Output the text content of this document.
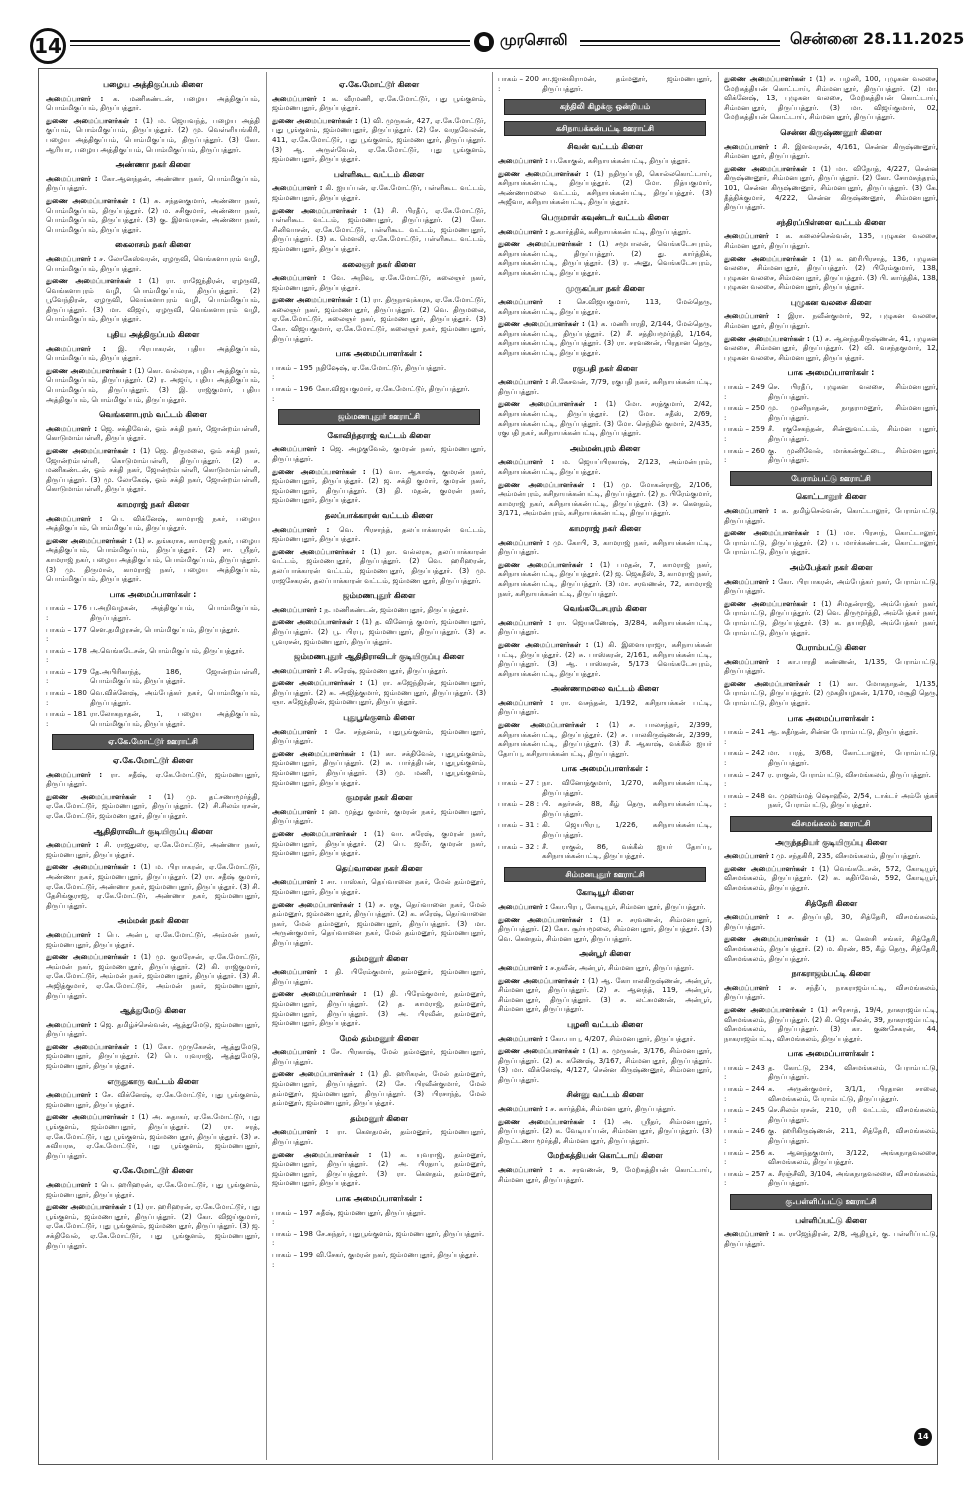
14	முரசொலி	சென்னை 28.11.2025
பழைய அத்திகுப்பம் கிளை
அமைப்பாளர் : க. மணிகண்டன், பழைய அத்திகுப்பம், பொம்மிகுப்பம், திருப்பத்தூர்.
துணை அமைப்பாளர்கள் : (1) ம. ஜெயவந்த், பழைய அத்தி குப்பம், பொம்மிகுப்பம், திருப்பத்தூர். (2) மு. வெள்ளியங்கிரி, பழைய அத்திகுப்பம், பொம்மிகுப்பம், திருப்பத்தூர். (3) கோ. ஆரியா, பழைய அத்திகுப்பம், பொம்மிகுப்பம், திருப்பத்தூர்.
அண்ணா நகர் கிளை
அமைப்பாளர் : கோ.ஆனந்தன், அண்ணா நகர், பொம்மிகுப்பம், திருப்பத்தூர்.
துணை அமைப்பாளர்கள் : (1) சு. சந்தனகுமார், அண்ணா நகர், பொம்மிகுப்பம், திருப்பத்தூர். (2) ம. சசிகுமார், அண்ணா நகர், பொம்மிகுப்பம், திருப்பத்தூர். (3) கு. இளவரசன், அண்ணா நகர், பொம்மிகுப்பம், திருப்பத்தூர்.
கைலாசம் நகர் கிளை
அமைப்பாளர் : ச. லோகேஸ்வரன், ஏழருவி, வெங்களாபுரம் வழி, பொம்மிகுப்பம், திருப்பத்தூர்.
துணை அமைப்பாளர்கள் : (1) ரா. ராஜேந்திரன், ஏழருவி, வெங்களாபுரம் வழி, பொம்மிகுப்பம், திருப்பத்தூர். (2) பூவேந்திரன், ஏழருவி, வெங்களாபுரம் வழி, பொம்மிகுப்பம், திருப்பத்தூர். (3) மா. விஜய், ஏழருவி, வெங்களாபுரம் வழி, பொம்மிகுப்பம், திருப்பத்தூர்.
புதிய அத்திகுப்பம் கிளை
அமைப்பாளர் : இ. பிரபாகரன், புதிய அத்திகுப்பம், பொம்மிகுப்பம், திருப்பத்தூர்.
துணை அமைப்பாளர்கள் : (1) கொ. வல்லரசு, புதிய அத்திகுப்பம், பொம்மிகுப்பம், திருப்பத்தூர். (2) ர. அஜய், புதிய அத்திகுப்பம், பொம்மிகுப்பம், திருப்பத்தூர். (3) இ. ராஜ்குமார், புதிய அத்திகுப்பம், பொம்மிகுப்பம், திருப்பத்தூர்.
வெங்களாபுரம் வட்டம் கிளை
அமைப்பாளர் : ஜெ. சக்திவேல், ஓம் சக்தி நகர், ஜோன்றம்பள்ளி, கொடுமாம்பள்ளி, திருப்பத்தூர்.
துணை அமைப்பாளர்கள் : (1) ஜெ. திருமலை, ஓம் சக்தி நகர், ஜோன்றம்பள்ளி, கொடுமாம்பள்ளி, திருப்பத்தூர். (2) ச. மணிகண்டன், ஓம் சக்தி நகர், ஜோன்றம்பள்ளி, கொடுமாம்பள்ளி, திருப்பத்தூர். (3) மு. லோகேஷ், ஓம் சக்தி நகர், ஜோன்றம்பள்ளி, கொடுமாம்பள்ளி, திருப்பத்தூர்.
காமராஜ் நகர் கிளை
அமைப்பாளர் : பெ. விக்னேஷ், காமராஜ் நகர், பழைய அத்திகுப்பம், பொம்மிகுப்பம், திருப்பத்தூர்.
துணை அமைப்பாளர்கள் : (1) ச. தங்கராசு, காமராஜ் நகர், பழைய அத்திகுப்பம், பொம்மிகுப்பம், திருப்பத்தூர். (2) சா. ஸ்ரீதர், காமராஜ் நகர், பழைய அத்திகுப்பம், பொம்மிகுப்பம், திருப்பத்தூர். (3) மு. திருமால், காமராஜ் நகர், பழைய அத்திகுப்பம், பொம்மிகுப்பம், திருப்பத்தூர்.
பாக அமைப்பாளர்கள் :
பாகம் – 176 :
ப.அறிவழகன், அத்திகுப்பம், பொம்மிகுப்பம், திருப்பத்தூர்.
பாகம் – 177 :
செள.தமிழரசன், பொம்மிகுப்பம், திருப்பத்தூர்.
பாகம் – 178 :
அ.வெங்கடேசன், பொம்மிகுப்பம், திருப்பத்தூர்.
பாகம் – 179 :
தே.அபிரிகாந்த், 186, ஜோன்றம்பள்ளி, பொம்மிகுப்பம், திருப்பத்தூர்.
பாகம் – 180 :
வெ.விக்னேஷ், அம்பேத்கர் நகர், பொம்மிகுப்பம், திருப்பத்தூர்.
பாகம் – 181 :
ரா.லோகநாதன், 1, பழைய அத்திகுப்பம், பொம்மிகுப்பம், திருப்பத்தூர்.
ஏ.கே.மோட்டூர் ஊராட்சி
ஏ.கே.மோட்டூர் கிளை
அமைப்பாளர் : ரா. சதீஷ், ஏ.கே.மோட்டூர், ஜம்மணபுதூர், திருப்பத்தூர்.
துணை அமைப்பாளர்கள் : (1) மு. தட்சணாமூர்த்தி, ஏ.கே.மோட்டூர், ஜம்மணபுதூர், திருப்பத்தூர். (2) சி.சிலம்பரசன், ஏ.கே.மோட்டூர், ஜம்மணபுதூர், திருப்பத்தூர்.
ஆதிதிராவிடர் குடியிருப்பு கிளை
அமைப்பாளர் : சி. ராஜதுரை, ஏ.கே.மோட்டூர், அண்ணா நகர், ஜம்மணபுதூர், திருப்பத்தூர்.
துணை அமைப்பாளர்கள் : (1) ம. பிரபாகரன், ஏ.கே.மோட்டூர், அண்ணா நகர், ஜம்மணபுதூர், திருப்பத்தூர். (2) ரா. சதீஷ் குமார், ஏ.கே.மோட்டூர், அண்ணா நகர், ஜம்மணபுதூர், திருப்பத்தூர். (3) சி. தேசிங்குராஜ, ஏ.கே.மோட்டூர், அண்ணா நகர், ஜம்மணபுதூர், திருப்பத்தூர்.
அம்மன் நகர் கிளை
அமைப்பாளர் : பெ. அன்பு, ஏ.கே.மோட்டூர், அம்மன் நகர், ஜம்மணபுதூர், திருப்பத்தூர்.
துணை அமைப்பாளர்கள் : (1) மு. குமரேசன், ஏ.கே.மோட்டூர், அம்மன் நகர், ஜம்மணபுதூர், திருப்பத்தூர். (2) கி. ராஜ்குமார், ஏ.கே.மோட்டூர், அம்மன் நகர், ஜம்மணபுதூர், திருப்பத்தூர். (3) சி. அஜித்குமார், ஏ.கே.மோட்டூர், அம்மன் நகர், ஜம்மணபுதூர், திருப்பத்தூர்.
ஆத்துமேடு கிளை
அமைப்பாளர் : ஜெ. தமிழ்ச்செல்வன், ஆத்துமேடு, ஜம்மணபுதூர், திருப்பத்தூர்.
துணை அமைப்பாளர்கள் : (1) கோ. முருகேசன், ஆத்துமேடு, ஜம்மணபுதூர், திருப்பத்தூர். (2) பெ. யுவராஜ், ஆத்துமேடு, ஜம்மணபுதூர், திருப்பத்தூர்.
எருதுகாரு வட்டம் கிளை
அமைப்பாளர் : சே. விக்னேஷ், ஏ.கே.மோட்டூர், புது பூங்குளம், ஜம்மணபுதூர், திருப்பத்தூர்.
துணை அமைப்பாளர்கள் : (1) அ. சுதாகர், ஏ.கே.மோட்டூர், புது பூங்குளம், ஜம்மணபுதூர், திருப்பத்தூர். (2) ரா. சரத், ஏ.கே.மோட்டூர், புது பூங்குளம், ஜம்மணபுதூர், திருப்பத்தூர். (3) ச. சுவியரசு, ஏ.கே.மோட்டூர், புது பூங்குளம், ஜம்மணபுதூர், திருப்பத்தூர்.
ஏ.கே.மோட்டூர் கிளை
அமைப்பாளர் : பெ. ஹரிஹரன், ஏ.கே.மோட்டூர், புது பூங்குளம், ஜம்மணபுதூர், திருப்பத்தூர்.
துணை அமைப்பாளர்கள் : (1) ரா. ஹரிஹரன், ஏ.கே.மோட்டூர், புது பூங்குளம், ஜம்மணபுதூர், திருப்பத்தூர். (2) கோ. விஜய்குமார், ஏ.கே.மோட்டூர், புது பூங்குளம், ஜம்மணபுதூர், திருப்பத்தூர். (3) ஜ. சக்திவேல், ஏ.கே.மோட்டூர், புது பூங்குளம், ஜம்மணபுதூர், திருப்பத்தூர்.
ஏ.கே.மோட்டூர் கிளை
அமைப்பாளர் : க. வீரமணி, ஏ.கே.மோட்டூர், புது பூங்குளம், ஜம்மணபுதூர், திருப்பத்தூர்.
துணை அமைப்பாளர்கள் : (1) வி. முருகன், 427, ஏ.கே.மோட்டூர், புது பூங்குளம், ஜம்மணபுதூர், திருப்பத்தூர். (2) சே. வரதவேலன், 411, ஏ.கே.மோட்டூர், புது பூங்குளம், ஜம்மணபுதூர், திருப்பத்தூர். (3) ஆ. அருள்வேல், ஏ.கே.மோட்டூர், புது பூங்குளம், ஜம்மணபுதூர், திருப்பத்தூர்.
பள்ளிகூட வட்டம் கிளை
அமைப்பாளர் : கி. ஐயப்பன், ஏ.கே.மோட்டூர், பள்ளிகூட வட்டம், ஜம்மணபுதூர், திருப்பத்தூர்.
துணை அமைப்பாளர்கள் : (1) சி. பிரதீப், ஏ.கே.மோட்டூர், பள்ளிகூட வட்டம், ஜம்மணபுதூர், திருப்பத்தூர். (2) கோ. சினிவாசன், ஏ.கே.மோட்டூர், பள்ளிகூட வட்டம், ஜம்மணபுதூர், திருப்பத்தூர். (3) க. மௌலி, ஏ.கே.மோட்டூர், பள்ளிகூட வட்டம், ஜம்மணபுதூர், திருப்பத்தூர்.
கலைஞர் நகர் கிளை
அமைப்பாளர் : வே. அறிவு, ஏ.கே.மோட்டூர், கலைஞர் நகர், ஜம்மணபுதூர், திருப்பத்தூர்.
துணை அமைப்பாளர்கள் : (1) ரா. திருநாவுக்கரசு, ஏ.கே.மோட்டூர், கலைஞர் நகர், ஜம்மணபுதூர், திருப்பத்தூர். (2) வெ. திருமலை, ஏ.கே.மோட்டூர், கலைஞர் நகர், ஜம்மணபுதூர், திருப்பத்தூர். (3) கோ. விஜயகுமார், ஏ.கே.மோட்டூர், கலைஞர் நகர், ஜம்மணபுதூர், திருப்பத்தூர்.
பாக அமைப்பாளர்கள் :
பாகம் – 195 :
நதிஷேஷ், ஏ.கே.மோட்டூர், திருப்பத்தூர்.
பாகம் – 196 :
கோ.விஜயகுமார், ஏ.கே.மோட்டூர், திருப்பத்தூர்.
ஜம்மணபுதூர் ஊராட்சி
கோவிந்தராஜ் வட்டம் கிளை
அமைப்பாளர் : ஜெ. அழகுவேல், குமரன் நகர், ஜம்மணபுதூர், திருப்பத்தூர்.
துணை அமைப்பாளர்கள் : (1) வா. ஆகாஷ், குமரன் நகர், ஜம்மணபுதூர், திருப்பத்தூர். (2) ஜ. சக்தி குமார், குமரன் நகர், ஜம்மணபுதூர், திருப்பத்தூர். (3) தி. மதன், குமரன் நகர், ஜம்மணபுதூர், திருப்பத்தூர்.
தலப்பாக்காரன் வட்டம் கிளை
அமைப்பாளர் : வெ. பிரசாந்த், தலப்பாக்காரன் வட்டம், ஜம்மணபுதூர், திருப்பத்தூர்.
துணை அமைப்பாளர்கள் : (1) தா. வல்லரசு, தலப்பாக்காரன் வட்டம், ஜம்மணபுதூர், திருப்பத்தூர். (2) வெ. ஹரிஹரன், தலப்பாக்காரன் வட்டம், ஜம்மணபுதூர், திருப்பத்தூர். (3) மு. ராஜசேகரன், தலப்பாக்காரன் வட்டம், ஜம்மணபுதூர், திருப்பத்தூர்.
ஜம்மணபுதூர் கிளை
அமைப்பாளர் : ந. மணிகண்டன், ஜம்மணபுதூர், திருப்பத்தூர்.
துணை அமைப்பாளர்கள் : (1) த. வினோத் குமார், ஜம்மணபுதூர், திருப்பத்தூர். (2) பூ. பிரபு, ஜம்மணபுதூர், திருப்பத்தூர். (3) ச. பூவரசன், ஜம்மணபுதூர், திருப்பத்தூர்.
ஜம்மணபுதூர் ஆதிதிராவிடர் குடியிருப்பு கிளை
அமைப்பாளர் : சி. சரேஷ், ஜம்மணபுதூர், திருப்பத்தூர்.
துணை அமைப்பாளர்கள் : (1) ரா. சுஜேந்திரன், ஜம்மணபுதூர், திருப்பத்தூர். (2) சு. அஜித்குமார், ஜம்மணபுதூர், திருப்பத்தூர். (3) ஞா. சுஜேந்திரன், ஜம்மணபுதூர், திருப்பத்தூர்.
புதுபூங்குளம் கிளை
அமைப்பாளர் : சே. சந்தனம், புதுபூங்குளம், ஜம்மணபுதூர், திருப்பத்தூர்.
துணை அமைப்பாளர்கள் : (1) கா. சக்திவேல், புதுபூங்குளம், ஜம்மணபுதூர், திருப்பத்தூர். (2) சு. பார்த்திபன், புதுபூங்குளம், ஜம்மணபுதூர், திருப்பத்தூர். (3) மு. மணி, புதுபூங்குளம், ஜம்மணபுதூர், திருப்பத்தூர்.
குமரன் நகர் கிளை
அமைப்பாளர் : ஹ. முத்து குமார், குமரன் நகர், ஜம்மணபுதூர், திருப்பத்தூர்.
துணை அமைப்பாளர்கள் : (1) வா. சுரேஷ், குமரன் நகர், ஜம்மணபுதூர், திருப்பத்தூர். (2) பெ. ஜமீர், குமரன் நகர், ஜம்மணபுதூர், திருப்பத்தூர்.
தெய்வானை நகர் கிளை
அமைப்பாளர் : சா. பாஸ்கர், தெய்வானை நகர், மேல் தம்மனூர், ஜம்மணபுதூர், திருப்பத்தூர்.
துணை அமைப்பாளர்கள் : (1) ச. ரகு, தெய்வானை நகர், மேல் தம்மனூர், ஜம்மணபுதூர், திருப்பத்தூர். (2) க. சுரேஷ், தெய்வானை நகர், மேல் தம்மனூர், ஜம்மணபுதூர், திருப்பத்தூர். (3) மா. அருண்குமார், தெய்வானை நகர், மேல் தம்மனூர், ஜம்மணபுதூர், திருப்பத்தூர்.
தம்மனூர் கிளை
அமைப்பாளர் : தி. பிரேம்குமார், தம்மனூர், ஜம்மணபுதூர், திருப்பத்தூர்.
துணை அமைப்பாளர்கள் : (1) தி. பிரேம்குமார், தம்மனூர், ஜம்மணபுதூர், திருப்பத்தூர். (2) த. காமராஜ், தம்மனூர், ஜம்மணபுதூர், திருப்பத்தூர். (3) அ. பிரவீன், தம்மனூர், ஜம்மணபுதூர், திருப்பத்தூர்.
மேல் தம்மனூர் கிளை
அமைப்பாளர் : சே. பிரகாஷ், மேல் தம்மனூர், ஜம்மணபுதூர், திருப்பத்தூர்.
துணை அமைப்பாளர்கள் : (1) தி. ஹரிகரன், மேல் தம்மனூர், ஜம்மணபுதூர், திருப்பத்தூர். (2) சே. பிரவீன்குமார், மேல் தம்மனூர், ஜம்மணபுதூர், திருப்பத்தூர். (3) பிரசாந்த், மேல் தம்மனூர், ஜம்மணபுதூர், திருப்பத்தூர்.
தம்மனூர் கிளை
அமைப்பாளர் : ரா. கௌதமன், தம்மனூர், ஜம்மணபுதூர், திருப்பத்தூர்.
துணை அமைப்பாளர்கள் : (1) க. யுவராஜ், தம்மனூர், ஜம்மணபுதூர், திருப்பத்தூர். (2) அ. பிரதாப், தம்மனூர், ஜம்மணபுதூர், திருப்பத்தூர். (3) ரா. கௌதம், தம்மனூர், ஜம்மணபுதூர், திருப்பத்தூர்.
பாக அமைப்பாளர்கள் :
பாகம் – 197 :
சுதீஷ், ஜம்மணபுதூர், திருப்பத்தூர்.
பாகம் – 198 :
சே.சுந்தர், புதுபூங்குளம், ஜம்மணபுதூர், திருப்பத்தூர்.
பாகம் – 199 :
வி.சேகர், குமரன் நகர், ஜம்மணபுதூர், திருப்பத்தூர்.
பாகம் – 200 :
சா.ஜானகிராமன், தம்மனூர், ஜம்மணபுதூர், திருப்பத்தூர்.
கந்திலி கிழக்கு ஒன்றியம்
கசிநாயக்கன்பட்டி ஊராட்சி
சிவன் வட்டம் கிளை
அமைப்பாளர் : ப.கோகுல், கசிநாயக்கன்பட்டி, திருப்பத்தூர்.
துணை அமைப்பாளர்கள் : (1) நதிருப்பதி, கொல்லகொட்டாய், கசிநாயக்கன்பட்டி, திருப்பத்தூர். (2) மோ. நித்யகுமார், அண்ணாமலை வட்டம், கசிநாயக்கன்பட்டி, திருப்பத்தூர். (3) அஜீவா, கசிநாயக்கன்பட்டி, திருப்பத்தூர்.
பெருமாள் கவுண்டர் வட்டம் கிளை
அமைப்பாளர் : த.கார்த்திக், கசிநாயக்கன்பட்டி, திருப்பத்தூர்.
துணை அமைப்பாளர்கள் : (1) சமூபாலன், வெங்கடேசபுரம், கசிநாயக்கன்பட்டி, திருப்பத்தூர். (2) து. கார்த்திக், கசிநாயக்கன்பட்டி, திருப்பத்தூர். (3) ர. அனு, வெங்கடேசபுரம், கசிநாயக்கன்பட்டி, திருப்பத்தூர்.
முருகப்பா நகர் கிளை
அமைப்பாளர் : செ.விஜயகுமார், 113, மேல்தெரு, கசிநாயக்கன்பட்டி, திருப்பத்தூர்.
துணை அமைப்பாளர்கள் : (1) க. மணிபாரதி, 2/144, மேல்தெரு, கசிநாயக்கன்பட்டி, திருப்பத்தூர். (2) சீ. சத்தியமூர்த்தி, 1/164, கசிநாயக்கன்பட்டி, திருப்பத்தூர். (3) ரா. சரவணன், பிரதான தெரு, கசிநாயக்கன்பட்டி, திருப்பத்தூர்.
ரகுபதி நகர் கிளை
அமைப்பாளர் : சி.கேசவன், 7/79, ரகுபதி நகர், கசிநாயக்கன்பட்டி, திருப்பத்தூர்.
துணை அமைப்பாளர்கள் : (1) மோ. சரத்குமார், 2/42, கசிநாயக்கன்பட்டி, திருப்பத்தூர். (2) மோ. சதீஸ், 2/69, கசிநாயக்கன்பட்டி, திருப்பத்தூர். (3) மோ. செந்தில் குமார், 2/435, ரகுபதி நகர், கசிநாயக்கன்பட்டி, திருப்பத்தூர்.
அம்மன்புரம் கிளை
அமைப்பாளர் : ம. ஜெயப்பிரகாஷ், 2/123, அம்மன்புரம், கசிநாயக்கன்பட்டி, திருப்பத்தூர்.
துணை அமைப்பாளர்கள் : (1) மு. மோகன்ராஜ், 2/106, அம்மன்புரம், கசிநாயக்கன்பட்டி, திருப்பத்தூர். (2) ந. பிரேம்குமார், காமராஜ் நகர், கசிநாயக்கன்பட்டி, திருப்பத்தூர். (3) ச. கௌதம், 3/171, அம்மன்புரம், கசிநாயக்கன்பட்டி, திருப்பத்தூர்.
காமராஜ் நகர் கிளை
அமைப்பாளர் : மு. கோபி, 3, காமராஜ் நகர், கசிநாயக்கன்பட்டி, திருப்பத்தூர்.
துணை அமைப்பாளர்கள் : (1) பமதன், 7, காமராஜ் நகர், கசிநாயக்கன்பட்டி, திருப்பத்தூர். (2) ஜ. ஜெகதீஸ், 3, காமராஜ் நகர், கசிநாயக்கன்பட்டி, திருப்பத்தூர். (3) மா. சரவணன், 72, காமராஜ் நகர், கசிநாயக்கன்பட்டி, திருப்பத்தூர்.
வெங்கடேசபுரம் கிளை
அமைப்பாளர் : ரா. ஜெயகணேஷ், 3/284, கசிநாயக்கன்பட்டி, திருப்பத்தூர்.
துணை அமைப்பாளர்கள் : (1) கி. இளையராஜா, கசிநாயக்கன் பட்டி, திருப்பத்தூர். (2) சு. பாஸ்கரன், 2/161, கசிநாயக்கன்பட்டி, திருப்பத்தூர். (3) ஆ. பாஸ்கரன், 5/173 வெங்கடேசபுரம், கசிநாயக்கன்பட்டி, திருப்பத்தூர்.
அண்ணாமலை வட்டம் கிளை
அமைப்பாளர் : ரா. வசந்தன், 1/192, கசிநாயக்கன் பட்டி, திருப்பத்தூர்.
துணை அமைப்பாளர்கள் : (1) ச. பாலசந்தர், 2/399, கசிநாயக்கன்பட்டி, திருப்பத்தூர். (2) ச. பாலகிருஷ்ணன், 2/399, கசிநாயக்கன்பட்டி, திருப்பத்தூர். (3) சீ. ஆகாஷ், வக்கீல் ஐயர் தோப்பு, கசிநாயக்கன்பட்டி, திருப்பத்தூர்.
பாக அமைப்பாளர்கள் :
பாகம் – 27 : நா. வினோத்குமார், 1/270, கசிநாயக்கன்பட்டி, திருப்பத்தூர்.
பாகம் – 28 : பி. சுதர்சன், 88, கீழ் தெரு, கசிநாயக்கன்பட்டி, திருப்பத்தூர்.
பாகம் – 31 : கி. ஜெயபிரபு, 1/226, கசிநாயக்கன்பட்டி, திருப்பத்தூர்.
பாகம் – 32 : சீ. ராகுல், 86, வக்கீல் ஐயர் தோப்பு, கசிநாயக்கன்பட்டி, திருப்பத்தூர்.
சிம்மனபுதூர் ஊராட்சி
கோடியூர் கிளை
அமைப்பாளர் : கோ.பிரபு, கோடியூர், சிம்மனபுதூர், திருப்பத்தூர்.
துணை அமைப்பாளர்கள் : (1) ச. சரவணன், சிம்மனபுதூர், திருப்பத்தூர். (2) கோ. சூர்யமூலை, சிம்மனபுதூர், திருப்பத்தூர். (3) வெ. கௌதம், சிம்மனபுதூர், திருப்பத்தூர்.
அன்பூர் கிளை
அமைப்பாளர் : ச.நவீன், அன்பூர், சிம்மனபுதூர், திருப்பத்தூர்.
துணை அமைப்பாளர்கள் : (1) ஆ. கோபாலகிருஷ்ணன், அன்பூர், சிம்மனபுதூர், திருப்பத்தூர். (2) ச. ஆனந்த், 119, அன்பூர், சிம்மனபுதூர், திருப்பத்தூர். (3) ச. லட்சுமணன், அன்பூர், சிம்மனபுதூர், திருப்பத்தூர்.
புழனி வட்டம் கிளை
அமைப்பாளர் : கோ.பாபு, 4/207, சிம்மனபுதூர், திருப்பத்தூர்.
துணை அமைப்பாளர்கள் : (1) க. முருகன், 3/176, சிம்மனபுதூர், திருப்பத்தூர். (2) சு. கணேஷ், 3/167, சிம்மனபுதூர், திருப்பத்தூர். (3) மா. விக்னேஷ், 4/127, சென்ன கிருஷ்ணனூர், சிம்மனபுதூர், திருப்பத்தூர்.
சின்னு வட்டம் கிளை
அமைப்பாளர் : ச. கார்த்திக், சிம்மனபுதூர், திருப்பத்தூர்.
துணை அமைப்பாளர்கள் : (1) அ. ஸ்ரீதர், சிம்மனபுதூர், திருப்பத்தூர். (2) க. வேடியப்பன், சிம்மனபுதூர், திருப்பத்தூர். (3) திருட்டணா மூர்த்தி, சிம்மனபுதூர், திருப்பத்தூர்.
மேற்கத்தியன் கொட்டாய் கிளை
அமைப்பாளர் : க. சரவணன், 9, மேற்கத்தியன் கொட்டாய், சிம்மனபுதூர், திருப்பத்தூர்.
துணை அமைப்பாளர்கள் : (1) ச. பழனி, 100, புழுகன வலசை, மேற்கத்தியன் கொட்டாய், சிம்மனபுதூர், திருப்பத்தூர். (2) மா. விக்னேஷ், 13, புழுகன வலசை, மேற்கத்தியன் கொட்டாய், சிம்மனபுதூர், திருப்பத்தூர். (3) மா. விஜய்குமார், 02, மேற்கத்தியன் கொட்டாய், சிம்மனபுதூர், திருப்பத்தூர்.
சென்ன கிருஷ்ணனூர் கிளை
அமைப்பாளர் : சி. இளவரசன், 4/161, சென்ன கிருஷ்ணனூர், சிம்மனபுதூர், திருப்பத்தூர்.
துணை அமைப்பாளர்கள் : (1) மா. விநோத், 4/227, சென்ன கிருஷ்ணனூர், சிம்மனபுதூர், திருப்பத்தூர். (2) கோ. சோமசுந்தரம், 101, சென்ன கிருஷ்ணனூர், சிம்மனபுதூர், திருப்பத்தூர். (3) கே. தீத்திக்குமார், 4/222, சென்ன கிருஷ்ணனூர், சிம்மனபுதூர், திருப்பத்தூர்.
சந்திரப்பிள்ளை வட்டம் கிளை
அமைப்பாளர் : க. கலைச்செல்வன், 135, புழுகன வலசை, சிம்மனபுதூர், திருப்பத்தூர்.
துணை அமைப்பாளர்கள் : (1) க. ஹரிபிரசாத், 136, புழுகன வலசை, சிம்மனபுதூர், திருப்பத்தூர். (2) பிரேம்குமார், 138, புழுகன வலசை, சிம்மனபுதூர், திருப்பத்தூர். (3) பி. கார்த்திக், 138, புழுகன வலசை, சிம்மனபுதூர், திருப்பத்தூர்.
புழுகன வலசை கிளை
அமைப்பாளர் : இரா. நவீன்குமார், 92, புழுகன வலசை, சிம்மனபுதூர், திருப்பத்தூர்.
துணை அமைப்பாளர்கள் : (1) ச. ஆனந்தகிருஷ்ணன், 41, புழுகன வலசை, சிம்மனபுதூர், திருப்பத்தூர். (2) வி. வசந்தகுமார், 12, புழுகன வலசை, சிம்மனபுதூர், திருப்பத்தூர்.
பாக அமைப்பாளர்கள் :
பாகம் – 249 :
செ. பிரதீப், புழுகன வலசை, சிம்மனபுதூர், திருப்பத்தூர்.
பாகம் – 250 :
மு. முனிநாதன், நாதராமனூர், சிம்மனபுதூர், திருப்பத்தூர்.
பாகம் – 259 :
சீ. ரகுசேகந்தன், சின்னுவட்டம், சிம்மன புதூர், திருப்பத்தூர்.
பாகம் – 260 :
கு. முனிவேல், மாக்கன்குட்டை, சிம்மனபுதூர், திருப்பத்தூர்.
பேராம்பட்டு ஊராட்சி
கொட்டாலூர் கிளை
அமைப்பாளர் : க. தமிழ்செல்வன், கொட்டாலூர், பேராம்பட்டு, திருப்பத்தூர்.
துணை அமைப்பாளர்கள் : (1) மா. பிரசாந், கொட்டாலூர், பேராம்பட்டு, திருப்பத்தூர். (2) ப. மார்க்கண்டன், கொட்டாலூர், பேராம்பட்டு, திருப்பத்தூர்.
அம்பேத்கர் நகர் கிளை
அமைப்பாளர் : கோ. பிரபாகரன், அம்பேத்கர் நகர், பேராம்பட்டு, திருப்பத்தூர்.
துணை அமைப்பாளர்கள் : (1) சிமதன்ராஜ், அம்பேத்கர் நகர், பேராம்பட்டு, திருப்பத்தூர். (2) வெ. திருமூர்த்தி, அம்பேத்கர் நகர், பேராம்பட்டு, திருப்பத்தூர். (3) க. தயாநிதி, அம்பேத்கர் நகர், பேராம்பட்டு, திருப்பத்தூர்.
பேராம்பட்டு கிளை
அமைப்பாளர் : கா.பாரதி கண்ணன், 1/135, பேராம்பட்டு, திருப்பத்தூர்.
துணை அமைப்பாளர்கள் : (1) கா. மோகநாதன், 1/135, பேராம்பட்டு, திருப்பத்தூர். (2) முகதியழகன், 1/170, மசூதி தெரு, பேராம்பட்டு, திருப்பத்தூர்.
பாக அமைப்பாளர்கள் :
பாகம் – 241 :
ஆ. சுதீர்தன், சின்ன பேராம்பட்டு, திருப்பத்தூர்.
பாகம் – 242 :
மா. பரத், 3/68, கோட்டாலூர், பேராம்பட்டு, திருப்பத்தூர்.
பாகம் – 247 :
ர. ராகுல், பேராம்பட்டு, விசமங்கலம், திருப்பத்தூர்.
பாகம் – 248 :
வ. முஹம்மத் ஷொஹீல், 2/54, டாக்டர் அம்பேத்கர் நகர், பேராம்பட்டு, திருப்பத்தூர்.
விசமங்கலம் ஊராட்சி
அருந்ததியர் குடியிருப்பு கிளை
அமைப்பாளர் : மு. சந்தகிரி, 235, விசமங்கலம், திருப்பத்தூர்.
துணை அமைப்பாளர்கள் : (1) வெங்கடேசன், 572, கோடியூர், விசமங்கலம், திருப்பத்தூர். (2) சு. கதிர்வேல், 592, கோடியூர், விசமங்கலம், திருப்பத்தூர்.
சித்தேரி கிளை
அமைப்பாளர் : ச. திருப்பதி, 30, சித்தேரி, விசமங்கலம், திருப்பத்தூர்.
துணை அமைப்பாளர்கள் : (1) க. கௌசி சங்கர், சித்தேரி, விசமங்கலம், திருப்பத்தூர். (2) ம. கிரண், 85, கீழ் தெரு, சித்தேரி, விசமங்கலம், திருப்பத்தூர்.
நாகராஜம்பட்டி கிளை
அமைப்பாளர் : ச. சந்தீப், நாகராஜம்பட்டி, விசமங்கலம், திருப்பத்தூர்.
துணை அமைப்பாளர்கள் : (1) சபிரசாத், 19/4, நாகராஜம்பட்டி, விசமங்கலம், திருப்பத்தூர். (2) கி. ஜெயசீலன், 39, நாகராஜம்பட்டி, விசமங்கலம், திருப்பத்தூர். (3) கா. குணசேகரன், 44, நாகராஜம்பட்டி, விசமங்கலம், திருப்பத்தூர்.
பாக அமைப்பாளர்கள் :
பாகம் – 243 :
த. கோட்டு, 234, விசமங்கலம், பேராம்பட்டு, திருப்பத்தூர்.
பாகம் – 244 :
க. அருண்குமார், 3/1/1, பிரதான சாலை, விசமங்கலம், பேராம்பட்டு, திருப்பத்தூர்.
பாகம் – 245 :
செ.சிலம்பரசன், 210, ரரி வட்டம், விசமங்கலம், திருப்பத்தூர்.
பாகம் – 246 :
கு. ஹரிகிருஷ்ணன், 211, சித்தேரி, விசமங்கலம், திருப்பத்தூர்.
பாகம் – 256 :
க. ஆனந்தகுமார், 3/122, அங்கநாதவலசை, விசமங்கலம், திருப்பத்தூர்.
பாகம் – 257 :
க. சீரஞ்சீவி, 3/104, அங்கநாதவலசை, விசமங்கலம், திருப்பத்தூர்.
கு.பள்ளிப்பட்டு ஊராட்சி
பள்ளிப்பட்டு கிளை
அமைப்பாளர் : க. ராஜேந்திரன், 2/8, ஆதியூர், கு. பள்ளிப்பட்டு, திருப்பத்தூர்.
14
